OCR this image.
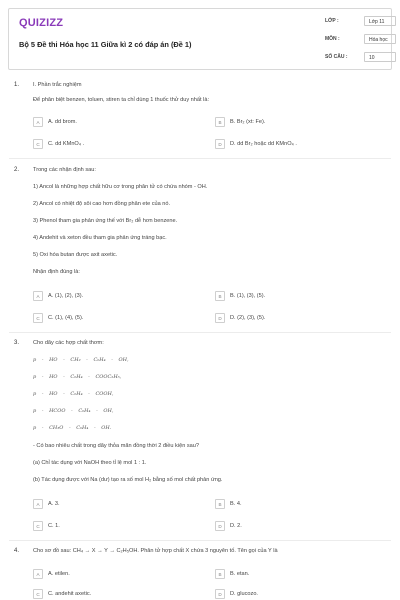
QUIZIZZ
Bộ 5 Đề thi Hóa học 11 Giữa kì 2 có đáp án (Đề 1)
LỚP :	Lớp 11
MÔN :	Hóa học
SỐ CÂU :	10
1. I. Phần trắc nghiệm
Để phân biệt benzen, toluen, stiren ta chỉ dùng 1 thuốc thử duy nhất là:
A	A. dd brom.	B	B. Br₂ (xt: Fe).
C	C. dd KMnO₄ .	D	D. dd Br₂ hoặc dd KMnO₄ .
2. Trong các nhận định sau:
1) Ancol là những hợp chất hữu cơ trong phân tử có chứa nhóm - OH.
2) Ancol có nhiệt độ sôi cao hơn đồng phân ete của nó.
3) Phenol tham gia phản ứng thế với Br₂ dễ hơn benzene.
4) Andehit và xeton đều tham gia phản ứng tráng bạc.
5) Oxi hóa butan được axit axetic.
Nhận định đúng là:
A	A. (1), (2), (3).	B	B. (1), (3), (5).
C	C. (1), (4), (5).	D	D. (2), (3), (5).
3. Cho dãy các hợp chất thơm:
p - HO - CH₂ - C₆H₄ - OH,
p - HO - C₆H₄ - COOC₂H₅,
p - HO - C₆H₄ - COOH,
p - HCOO - C₆H₄ - OH,
p - CH₃O - C₆H₄ - OH.
- Có bao nhiêu chất trong dãy thỏa mãn đồng thời 2 điều kiện sau?
(a) Chỉ tác dụng với NaOH theo tỉ lệ mol 1 : 1.
(b) Tác dụng được với Na (dư) tạo ra số mol H₂ bằng số mol chất phản ứng.
A	A. 3.	B	B. 4.
C	C. 1.	D	D. 2.
4. Cho sơ đồ sau: CH₄ → X → Y → C₂H₅OH. Phân tử hợp chất X chứa 3 nguyên tố. Tên gọi của Y là
A	A. etilen.	B	B. etan.
C	C. andehit axetic.	D	D. glucozo.
